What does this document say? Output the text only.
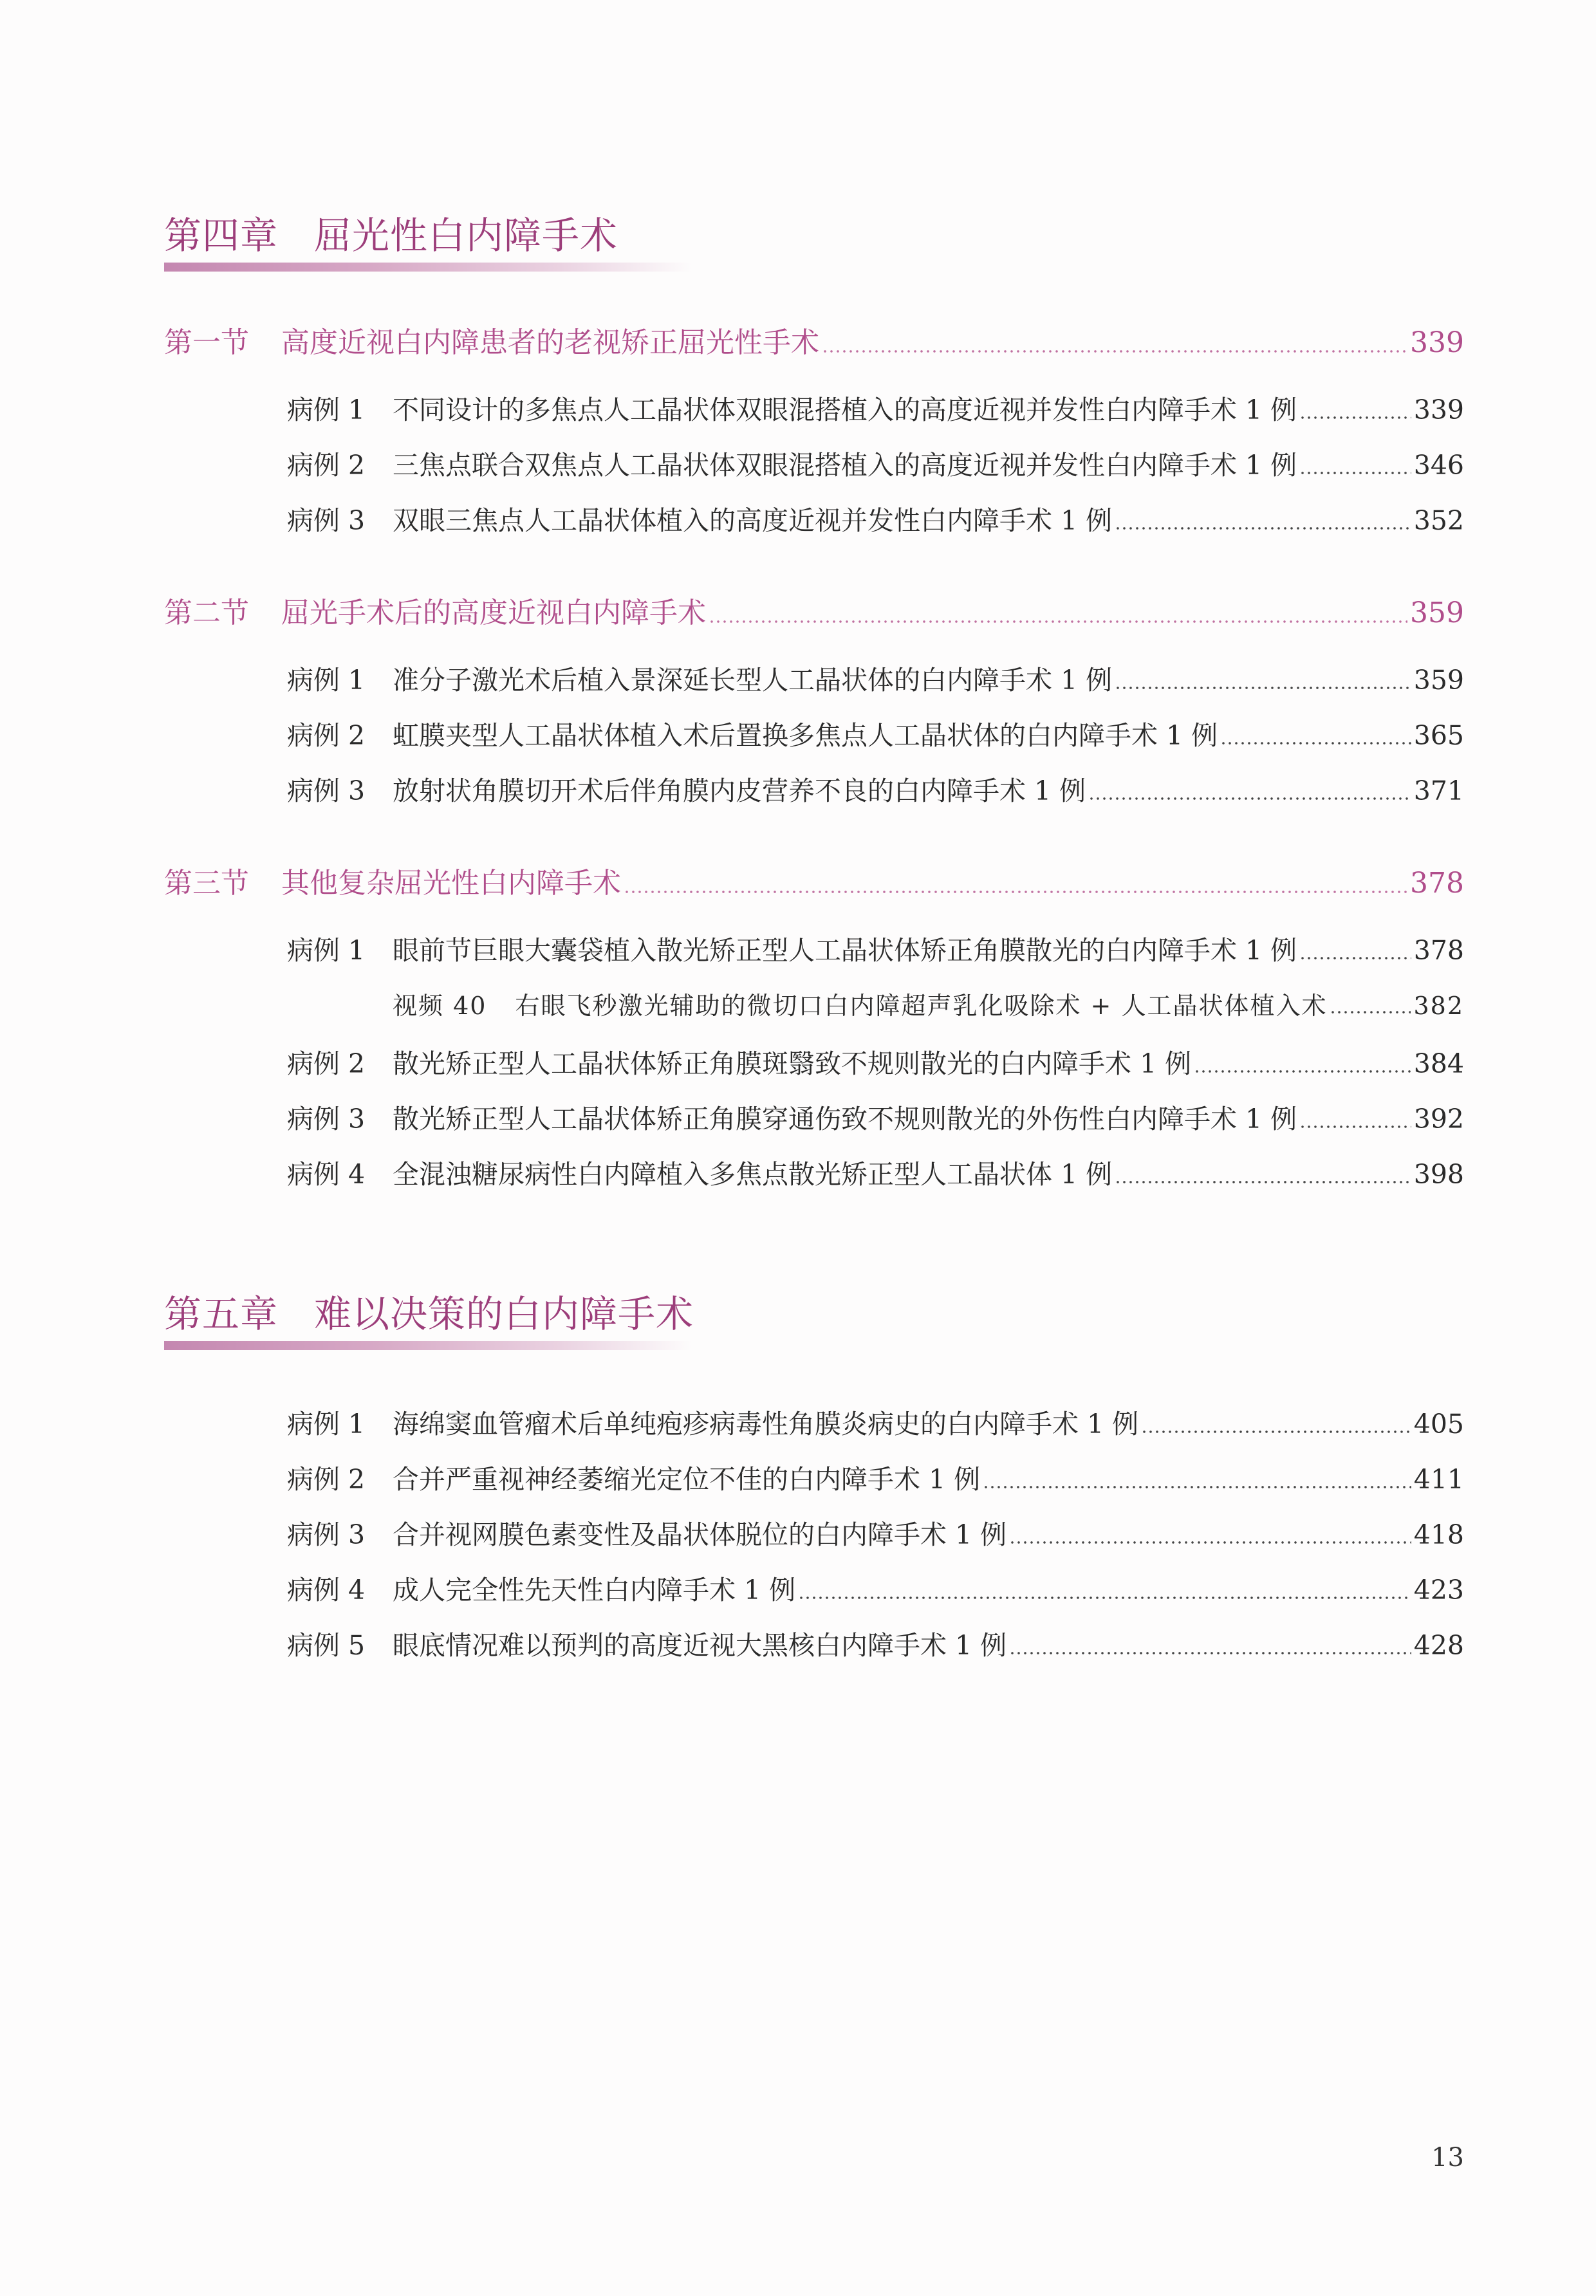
第四章 屈光性白内障手术
第一节	高度近视白内障患者的老视矫正屈光性手术	339
病例 1	不同设计的多焦点人工晶状体双眼混搭植入的高度近视并发性白内障手术 1 例	339
病例 2	三焦点联合双焦点人工晶状体双眼混搭植入的高度近视并发性白内障手术 1 例	346
病例 3	双眼三焦点人工晶状体植入的高度近视并发性白内障手术 1 例	352
第二节	屈光手术后的高度近视白内障手术	359
病例 1	准分子激光术后植入景深延长型人工晶状体的白内障手术 1 例	359
病例 2	虹膜夹型人工晶状体植入术后置换多焦点人工晶状体的白内障手术 1 例	365
病例 3	放射状角膜切开术后伴角膜内皮营养不良的白内障手术 1 例	371
第三节	其他复杂屈光性白内障手术	378
病例 1	眼前节巨眼大囊袋植入散光矫正型人工晶状体矫正角膜散光的白内障手术 1 例	378
视频 40 右眼飞秒激光辅助的微切口白内障超声乳化吸除术 + 人工晶状体植入术	382
病例 2	散光矫正型人工晶状体矫正角膜斑翳致不规则散光的白内障手术 1 例	384
病例 3	散光矫正型人工晶状体矫正角膜穿通伤致不规则散光的外伤性白内障手术 1 例	392
病例 4	全混浊糖尿病性白内障植入多焦点散光矫正型人工晶状体 1 例	398
第五章 难以决策的白内障手术
病例 1	海绵窦血管瘤术后单纯疱疹病毒性角膜炎病史的白内障手术 1 例	405
病例 2	合并严重视神经萎缩光定位不佳的白内障手术 1 例	411
病例 3	合并视网膜色素变性及晶状体脱位的白内障手术 1 例	418
病例 4	成人完全性先天性白内障手术 1 例	423
病例 5	眼底情况难以预判的高度近视大黑核白内障手术 1 例	428
13
